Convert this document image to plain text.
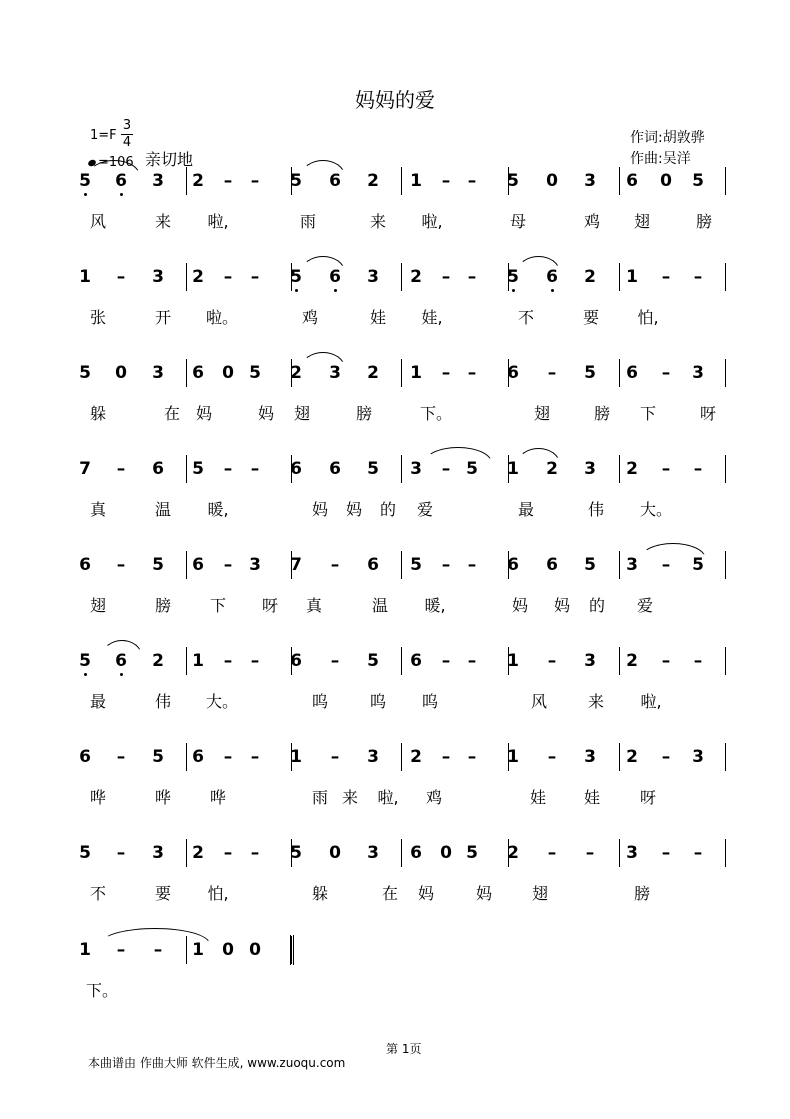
妈妈的爱
1=F
3
4
=106 亲切地
作词:胡敦骅
作曲:吴洋
5 6 3 2	–	–	5 6 2 1	–	–	5 0 3 6 0 5
风	来 啦,	雨	来 啦,	母	鸡 翅	膀
1	–	3 2	–	–	5 6 3 2	–	–	5 6 2 1	–	–
张	开 啦。	鸡	娃 娃,	不	要 怕,
5 0 3 6 0 5 2 3 2 1	–	–	6	–	5 6	–	3
躲	在 妈	妈 翅	膀	下。	翅	膀 下	呀
7	–	6 5	–	–	6 6 5 3	– 5 1 2 3 2	–	–
真	温 暖,	妈 妈 的 爱	最	伟 大。
6	–	5 6	– 3 7	–	6 5	–	–	6 6 5 3	–	5
翅	膀 下 呀 真	温 暖,	妈 妈 的 爱
5 6 2 1	–	–	6	–	5 6	–	–	1	–	3 2	–	–
最	伟 大。	呜	呜 呜	风	来 啦,
6	–	5 6	–	–	1	–	3 2	–	–	1	–	3 2	–	3
哗	哗 哗	雨 来 啦, 鸡	娃 娃 呀
5	–	3 2	–	–	5 0 3 6 0 5 2	–	–	3	–	–
不	要 怕,	躲	在 妈	妈 翅	膀
1	–	–	1 0 0
下。
第 1页
本曲谱由 作曲大师 软件生成, www.zuoqu.com
